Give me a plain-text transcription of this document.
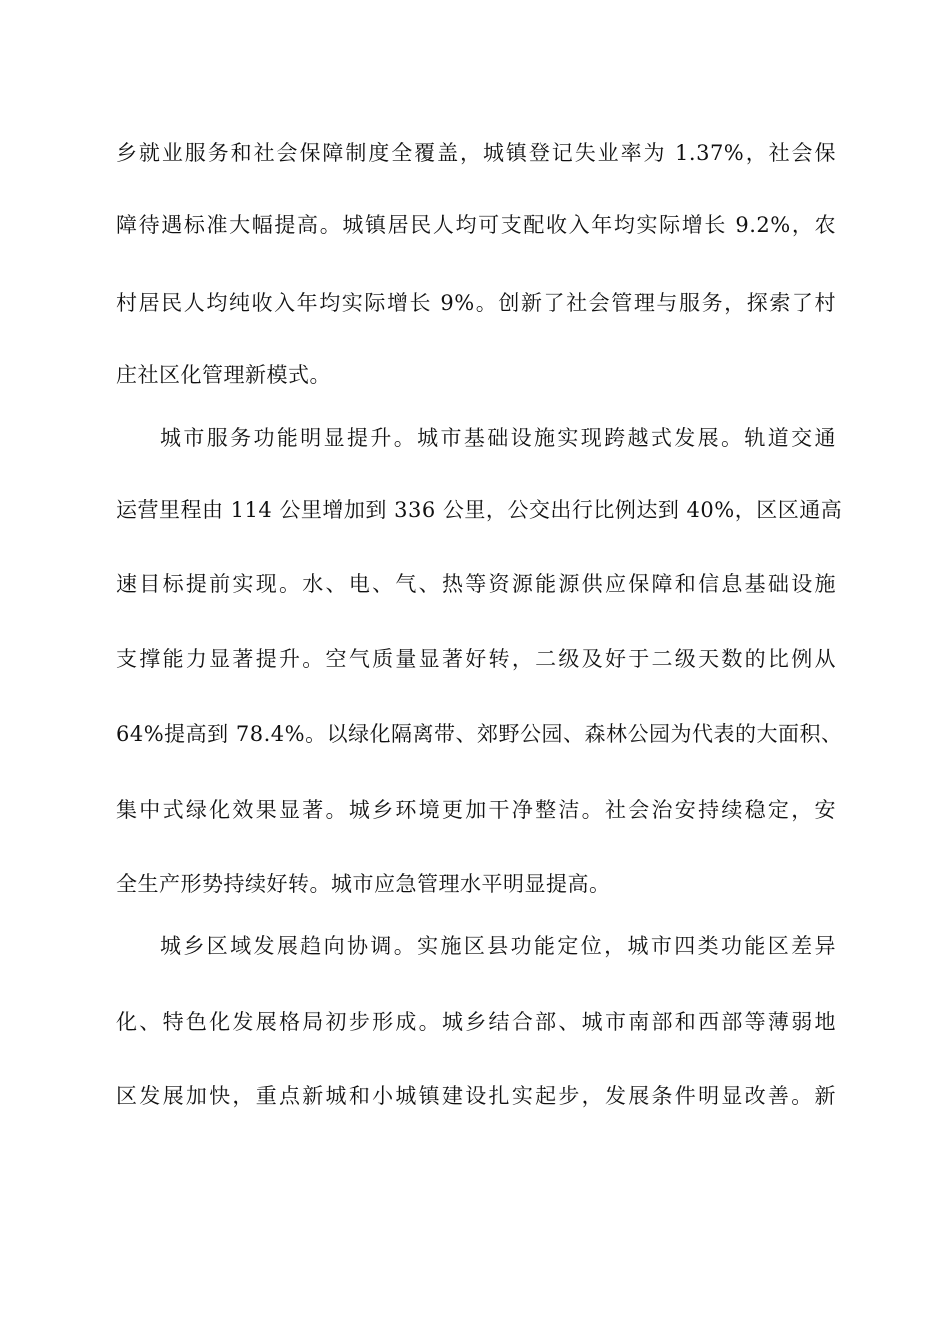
乡就业服务和社会保障制度全覆盖，城镇登记失业率为 1.37%，社会保
障待遇标准大幅提高。城镇居民人均可支配收入年均实际增长 9.2%，农
村居民人均纯收入年均实际增长 9%。创新了社会管理与服务，探索了村
庄社区化管理新模式。
城市服务功能明显提升。城市基础设施实现跨越式发展。轨道交通
运营里程由 114 公里增加到 336 公里，公交出行比例达到 40%，区区通高
速目标提前实现。水、电、气、热等资源能源供应保障和信息基础设施
支撑能力显著提升。空气质量显著好转，二级及好于二级天数的比例从
64%提高到 78.4%。以绿化隔离带、郊野公园、森林公园为代表的大面积、
集中式绿化效果显著。城乡环境更加干净整洁。社会治安持续稳定，安
全生产形势持续好转。城市应急管理水平明显提高。
城乡区域发展趋向协调。实施区县功能定位，城市四类功能区差异
化、特色化发展格局初步形成。城乡结合部、城市南部和西部等薄弱地
区发展加快，重点新城和小城镇建设扎实起步，发展条件明显改善。新
